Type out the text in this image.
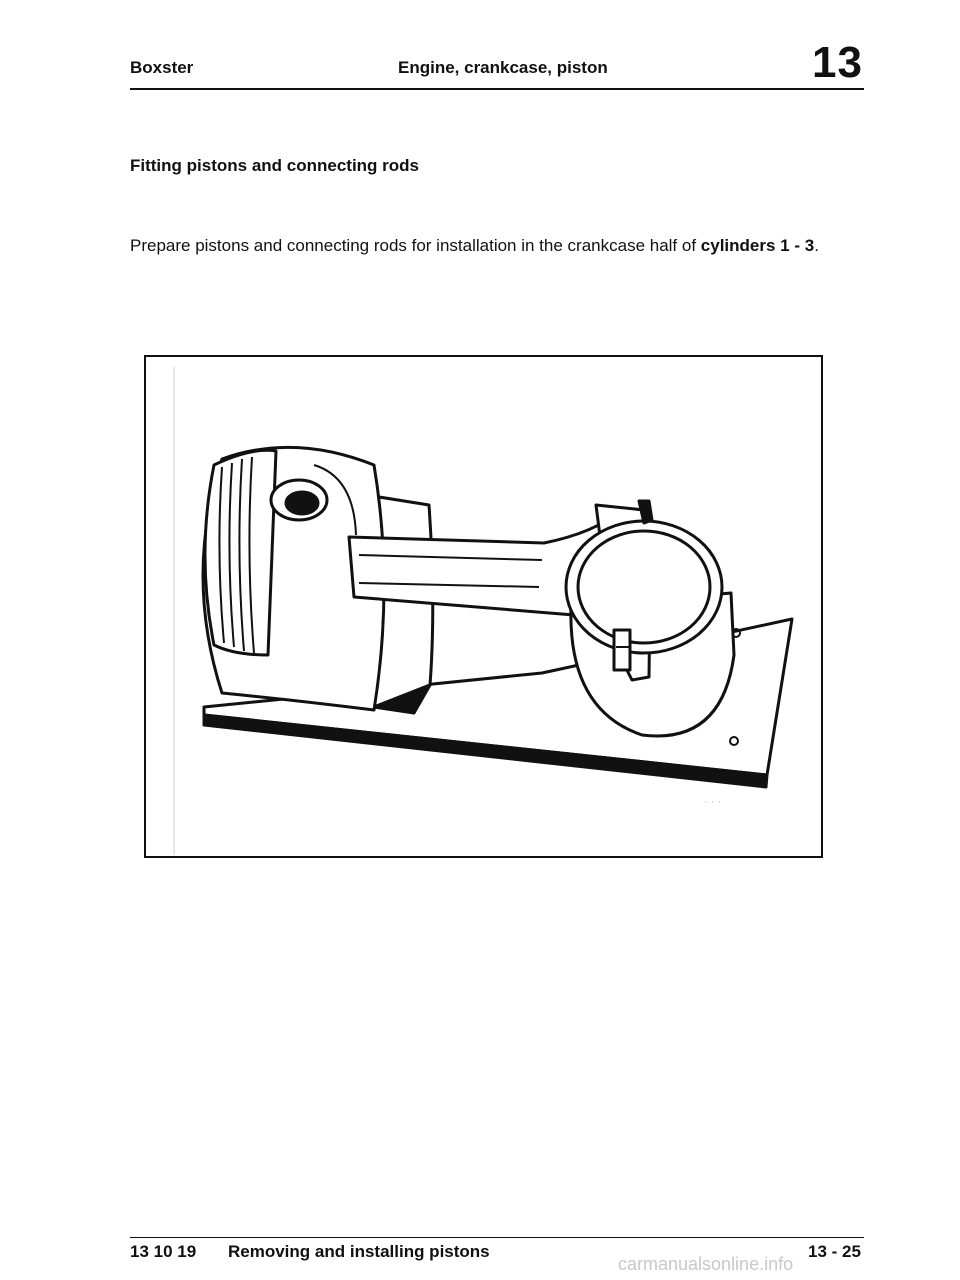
Boxster	Engine, crankcase, piston	13
Fitting pistons and connecting rods
Prepare pistons and connecting rods for installation in the crankcase half of cylinders 1 - 3.
· · ·
13 10 19 Removing and installing pistons	13 - 25
carmanualsonline.info
